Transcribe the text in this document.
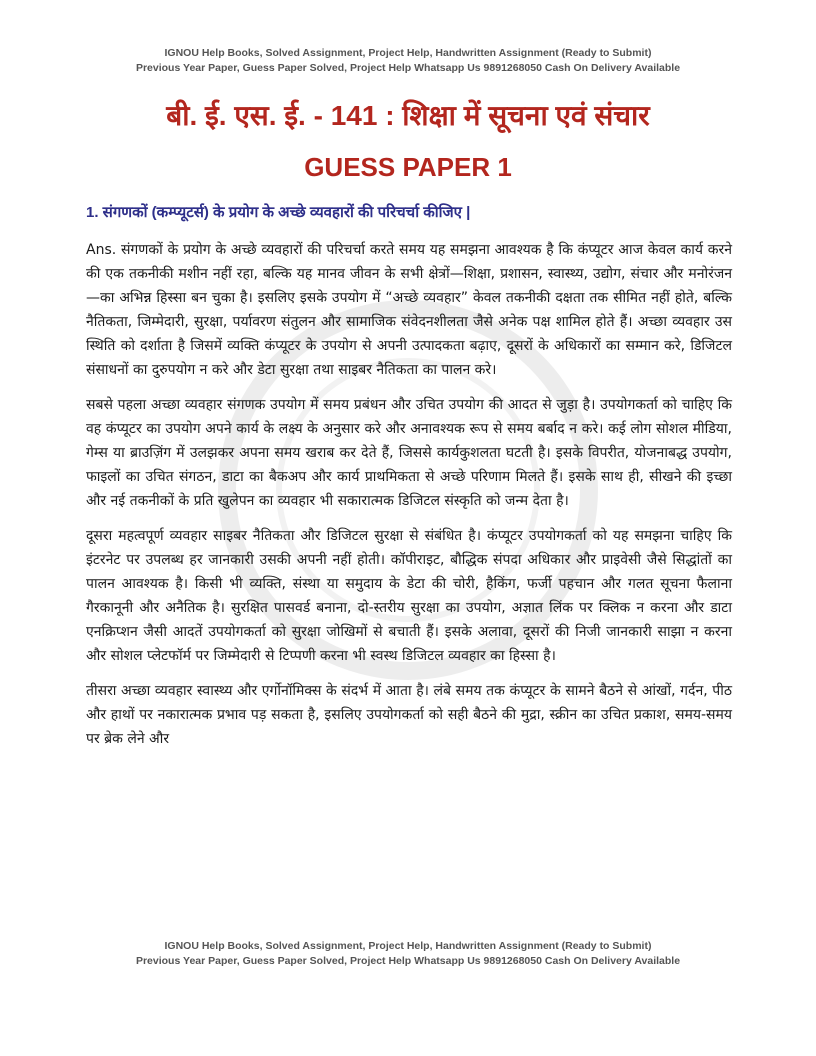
IGNOU Help Books, Solved Assignment, Project Help, Handwritten Assignment (Ready to Submit)
Previous Year Paper, Guess Paper Solved, Project Help Whatsapp Us 9891268050 Cash On Delivery Available
बी. ई. एस. ई. - 141 : शिक्षा में सूचना एवं संचार
GUESS PAPER 1
1. संगणकों (कम्प्यूटर्स) के प्रयोग के अच्छे व्यवहारों की परिचर्चा कीजिए |

Ans. संगणकों के प्रयोग के अच्छे व्यवहारों की परिचर्चा करते समय यह समझना आवश्यक है कि कंप्यूटर आज केवल कार्य करने की एक तकनीकी मशीन नहीं रहा, बल्कि यह मानव जीवन के सभी क्षेत्रों—शिक्षा, प्रशासन, स्वास्थ्य, उद्योग, संचार और मनोरंजन—का अभिन्न हिस्सा बन चुका है। इसलिए इसके उपयोग में “अच्छे व्यवहार” केवल तकनीकी दक्षता तक सीमित नहीं होते, बल्कि नैतिकता, जिम्मेदारी, सुरक्षा, पर्यावरण संतुलन और सामाजिक संवेदनशीलता जैसे अनेक पक्ष शामिल होते हैं। अच्छा व्यवहार उस स्थिति को दर्शाता है जिसमें व्यक्ति कंप्यूटर के उपयोग से अपनी उत्पादकता बढ़ाए, दूसरों के अधिकारों का सम्मान करे, डिजिटल संसाधनों का दुरुपयोग न करे और डेटा सुरक्षा तथा साइबर नैतिकता का पालन करे।

सबसे पहला अच्छा व्यवहार संगणक उपयोग में समय प्रबंधन और उचित उपयोग की आदत से जुड़ा है। उपयोगकर्ता को चाहिए कि वह कंप्यूटर का उपयोग अपने कार्य के लक्ष्य के अनुसार करे और अनावश्यक रूप से समय बर्बाद न करे। कई लोग सोशल मीडिया, गेम्स या ब्राउज़िंग में उलझकर अपना समय खराब कर देते हैं, जिससे कार्यकुशलता घटती है। इसके विपरीत, योजनाबद्ध उपयोग, फाइलों का उचित संगठन, डाटा का बैकअप और कार्य प्राथमिकता से अच्छे परिणाम मिलते हैं। इसके साथ ही, सीखने की इच्छा और नई तकनीकों के प्रति खुलेपन का व्यवहार भी सकारात्मक डिजिटल संस्कृति को जन्म देता है।

दूसरा महत्वपूर्ण व्यवहार साइबर नैतिकता और डिजिटल सुरक्षा से संबंधित है। कंप्यूटर उपयोगकर्ता को यह समझना चाहिए कि इंटरनेट पर उपलब्ध हर जानकारी उसकी अपनी नहीं होती। कॉपीराइट, बौद्धिक संपदा अधिकार और प्राइवेसी जैसे सिद्धांतों का पालन आवश्यक है। किसी भी व्यक्ति, संस्था या समुदाय के डेटा की चोरी, हैकिंग, फर्जी पहचान और गलत सूचना फैलाना गैरकानूनी और अनैतिक है। सुरक्षित पासवर्ड बनाना, दो-स्तरीय सुरक्षा का उपयोग, अज्ञात लिंक पर क्लिक न करना और डाटा एनक्रिप्शन जैसी आदतें उपयोगकर्ता को सुरक्षा जोखिमों से बचाती हैं। इसके अलावा, दूसरों की निजी जानकारी साझा न करना और सोशल प्लेटफॉर्म पर जिम्मेदारी से टिप्पणी करना भी स्वस्थ डिजिटल व्यवहार का हिस्सा है।

तीसरा अच्छा व्यवहार स्वास्थ्य और एर्गोनॉमिक्स के संदर्भ में आता है। लंबे समय तक कंप्यूटर के सामने बैठने से आंखों, गर्दन, पीठ और हाथों पर नकारात्मक प्रभाव पड़ सकता है, इसलिए उपयोगकर्ता को सही बैठने की मुद्रा, स्क्रीन का उचित प्रकाश, समय-समय पर ब्रेक लेने और

IGNOU Help Books, Solved Assignment, Project Help, Handwritten Assignment (Ready to Submit)
Previous Year Paper, Guess Paper Solved, Project Help Whatsapp Us 9891268050 Cash On Delivery Available
